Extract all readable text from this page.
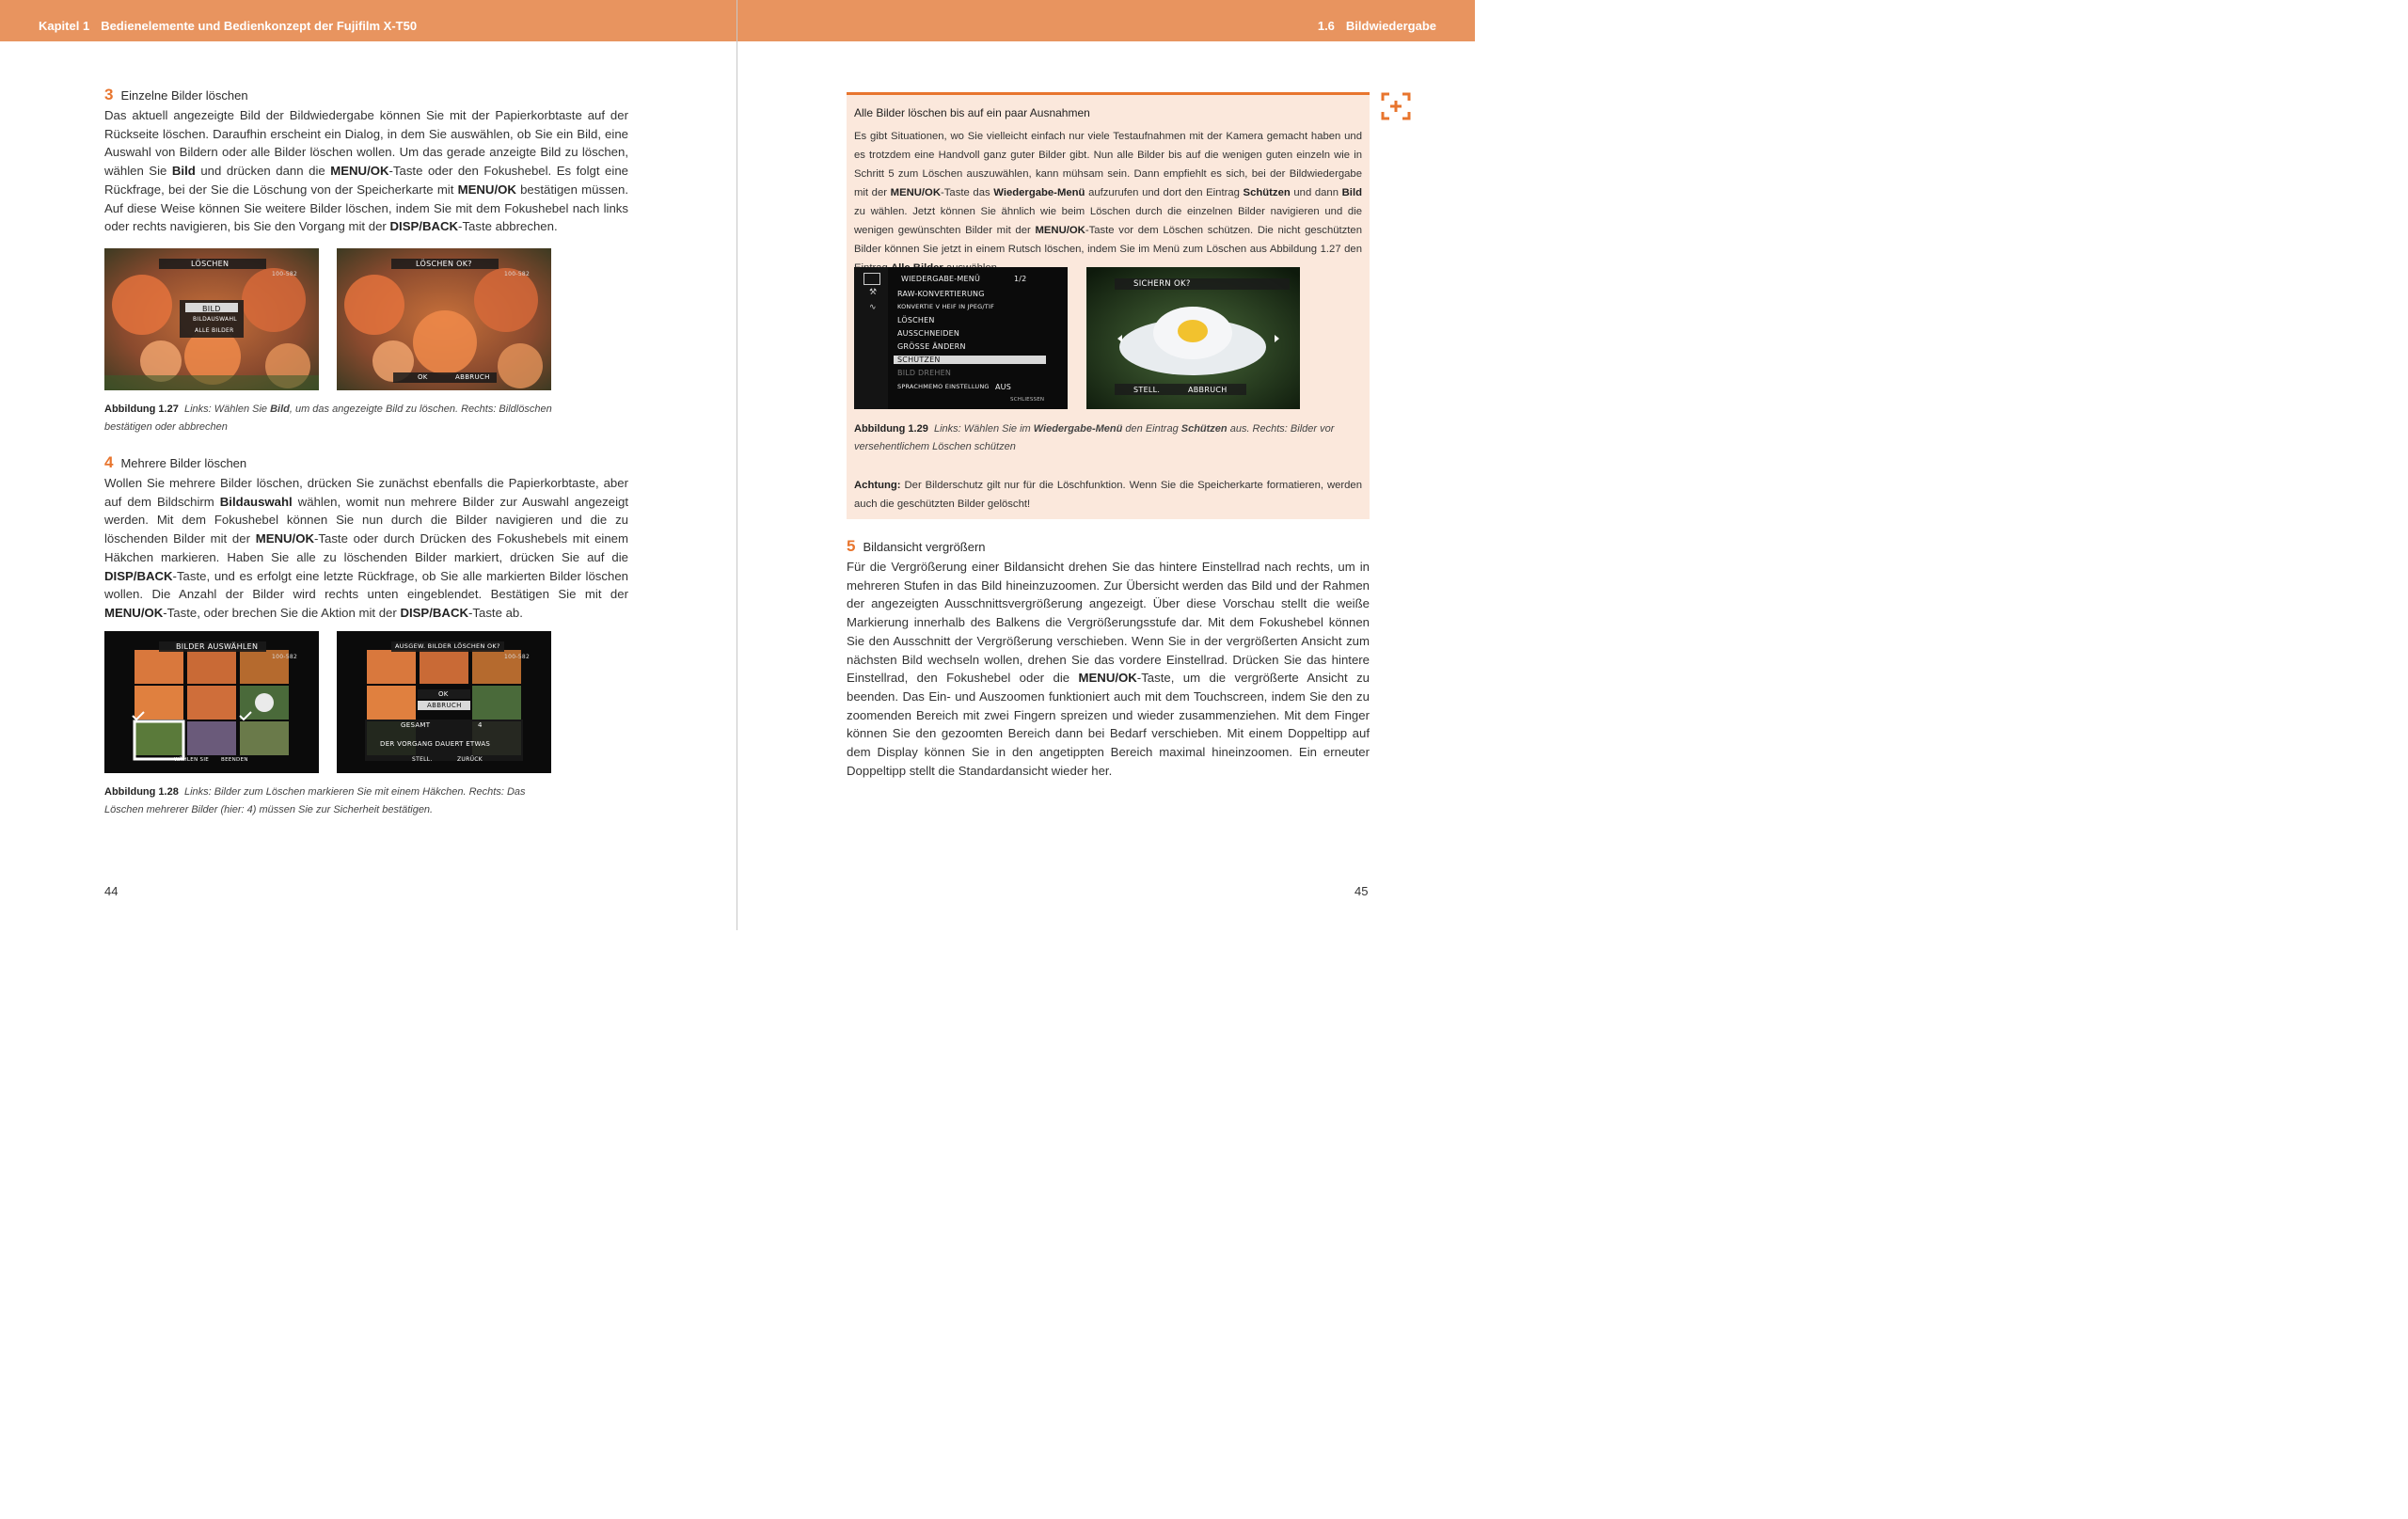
Kapitel 1 Bedienelemente und Bedienkonzept der Fujifilm X-T50	1.6 Bildwiedergabe
3 Einzelne Bilder löschen
Das aktuell angezeigte Bild der Bildwiedergabe können Sie mit der Papierkorbtaste auf der Rückseite löschen. Daraufhin erscheint ein Dialog, in dem Sie auswählen, ob Sie ein Bild, eine Auswahl von Bildern oder alle Bilder löschen wollen. Um das gerade anzeigte Bild zu löschen, wählen Sie Bild und drücken dann die MENU/OK-Taste oder den Fokushebel. Es folgt eine Rückfrage, bei der Sie die Löschung von der Speicherkarte mit MENU/OK bestätigen müssen. Auf diese Weise können Sie weitere Bilder löschen, indem Sie mit dem Fokushebel nach links oder rechts navigieren, bis Sie den Vorgang mit der DISP/BACK-Taste abbrechen.
LÖSCHEN
100-582
BILD
BILDAUSWAHL
ALLE BILDER
LÖSCHEN OK?
100-582
OK	ABBRUCH
Abbildung 1.27 Links: Wählen Sie Bild, um das angezeigte Bild zu löschen. Rechts: Bildlöschen bestätigen oder abbrechen
4 Mehrere Bilder löschen
Wollen Sie mehrere Bilder löschen, drücken Sie zunächst ebenfalls die Papierkorbtaste, aber auf dem Bildschirm Bildauswahl wählen, womit nun mehrere Bilder zur Auswahl angezeigt werden. Mit dem Fokushebel können Sie nun durch die Bilder navigieren und die zu löschenden Bilder mit der MENU/OK-Taste oder durch Drücken des Fokushebels mit einem Häkchen markieren. Haben Sie alle zu löschenden Bilder markiert, drücken Sie auf die DISP/BACK-Taste, und es erfolgt eine letzte Rückfrage, ob Sie alle markierten Bilder löschen wollen. Die Anzahl der Bilder wird rechts unten eingeblendet. Bestätigen Sie mit der MENU/OK-Taste, oder brechen Sie die Aktion mit der DISP/BACK-Taste ab.
BILDER AUSWÄHLEN
100-582
WÄHLEN SIE BEENDEN
AUSGEW. BILDER LÖSCHEN OK?
100-582
OK
ABBRUCH
GESAMT	4
DER VORGANG DAUERT ETWAS
STELL.	ZURÜCK
Abbildung 1.28 Links: Bilder zum Löschen markieren Sie mit einem Häkchen. Rechts: Das Löschen mehrerer Bilder (hier: 4) müssen Sie zur Sicherheit bestätigen.
44
Alle Bilder löschen bis auf ein paar Ausnahmen
Es gibt Situationen, wo Sie vielleicht einfach nur viele Testaufnahmen mit der Kamera gemacht haben und es trotzdem eine Handvoll ganz guter Bilder gibt. Nun alle Bilder bis auf die wenigen guten einzeln wie in Schritt 5 zum Löschen auszuwählen, kann mühsam sein. Dann empfiehlt es sich, bei der Bildwiedergabe mit der MENU/OK-Taste das Wiedergabe-Menü aufzurufen und dort den Eintrag Schützen und dann Bild zu wählen. Jetzt können Sie ähnlich wie beim Löschen durch die einzelnen Bilder navigieren und die wenigen gewünschten Bilder mit der MENU/OK-Taste vor dem Löschen schützen. Die nicht geschützten Bilder können Sie jetzt in einem Rutsch löschen, indem Sie im Menü zum Löschen aus Abbildung 1.27 den
⚒
∿
WIEDERGABE-MENÜ	1/2
RAW-KONVERTIERUNG
KONVERTIE V HEIF IN JPEG/TIF
LÖSCHEN
AUSSCHNEIDEN
GRÖSSE ÄNDERN
SCHÜTZEN
BILD DREHEN
SPRACHMEMO EINSTELLUNG AUS
SCHLIESSEN
SICHERN OK?
STELL.	ABBRUCH
Abbildung 1.29 Links: Wählen Sie im Wiedergabe-Menü den Eintrag Schützen aus. Rechts: Bilder vor versehentlichem Löschen schützen
Achtung: Der Bilderschutz gilt nur für die Löschfunktion. Wenn Sie die Speicherkarte formatieren, werden auch die geschützten Bilder gelöscht!
5 Bildansicht vergrößern
Für die Vergrößerung einer Bildansicht drehen Sie das hintere Einstellrad nach rechts, um in mehreren Stufen in das Bild hineinzuzoomen. Zur Übersicht werden das Bild und der Rahmen der angezeigten Ausschnittsvergrößerung angezeigt. Über diese Vorschau stellt die weiße Markierung innerhalb des Balkens die Vergrößerungsstufe dar. Mit dem Fokushebel können Sie den Ausschnitt der Vergrößerung verschieben. Wenn Sie in der vergrößerten Ansicht zum nächsten Bild wechseln wollen, drehen Sie das vordere Einstellrad. Drücken Sie das hintere Einstellrad, den Fokushebel oder die MENU/OK-Taste, um die vergrößerte Ansicht zu beenden. Das Ein- und Auszoomen funktioniert auch mit dem Touchscreen, indem Sie den zu zoomenden Bereich mit zwei Fingern spreizen und wieder zusammenziehen. Mit dem Finger können Sie den gezoomten Bereich dann bei Bedarf verschieben. Mit einem Doppeltipp auf dem Display können Sie in den angetippten Bereich maximal hineinzoomen. Ein erneuter Doppeltipp stellt die Standardansicht wieder her.
45
